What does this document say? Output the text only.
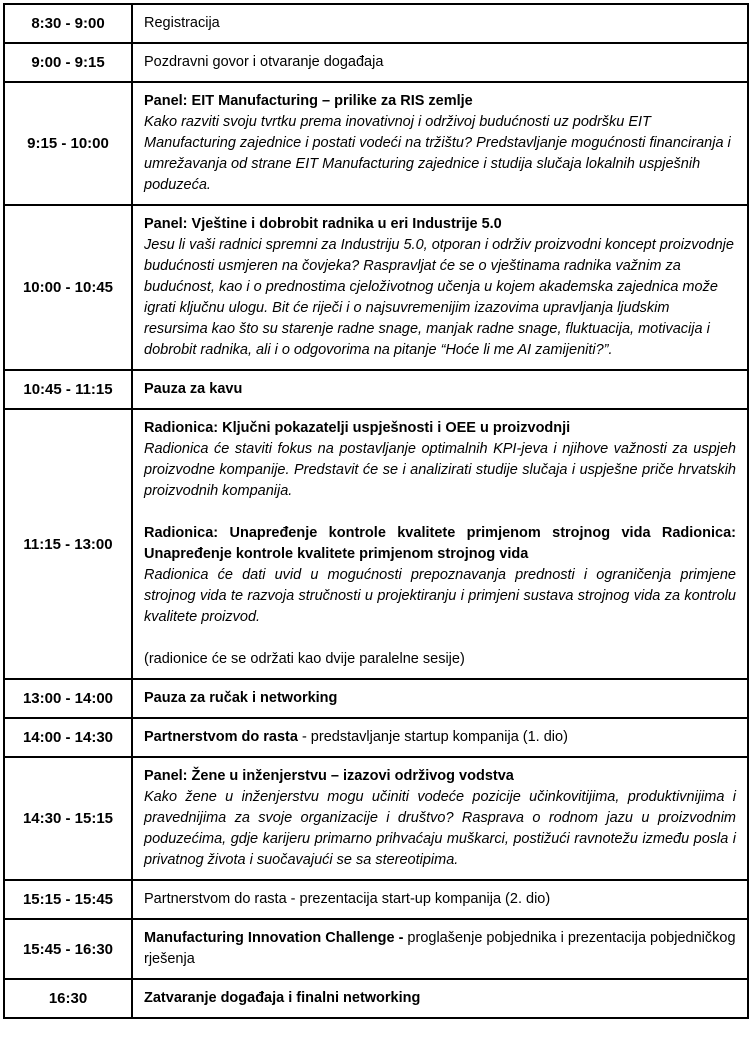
8:30 - 9:00	Registracija

9:00 - 9:15	Pozdravni govor i otvaranje događaja

9:15 - 10:00	Panel: EIT Manufacturing – prilike za RIS zemlje
Kako razviti svoju tvrtku prema inovativnoj i održivoj budućnosti uz podršku EIT Manufacturing zajednice i postati vodeći na tržištu? Predstavljanje mogućnosti financiranja i umrežavanja od strane EIT Manufacturing zajednice i studija slučaja lokalnih uspješnih poduzeća.

10:00 - 10:45	Panel: Vještine i dobrobit radnika u eri Industrije 5.0
Jesu li vaši radnici spremni za Industriju 5.0, otporan i održiv proizvodni koncept proizvodnje budućnosti usmjeren na čovjeka? Raspravljat će se o vještinama radnika važnim za budućnost, kao i o prednostima cjeloživotnog učenja u kojem akademska zajednica može igrati ključnu ulogu. Bit će riječi i o najsuvremenijim izazovima upravljanja ljudskim resursima kao što su starenje radne snage, manjak radne snage, fluktuacija, motivacija i dobrobit radnika, ali i o odgovorima na pitanje “Hoće li me AI zamijeniti?”.

10:45 - 11:15	Pauza za kavu

11:15 - 13:00	Radionica: Ključni pokazatelji uspješnosti i OEE u proizvodnji
Radionica će staviti fokus na postavljanje optimalnih KPI-jeva i njihove važnosti za uspjeh proizvodne kompanije. Predstavit će se i analizirati studije slučaja i uspješne priče hrvatskih proizvodnih kompanija.
Radionica: Unapređenje kontrole kvalitete primjenom strojnog vida Radionica: Unapređenje kontrole kvalitete primjenom strojnog vida
Radionica će dati uvid u mogućnosti prepoznavanja prednosti i ograničenja primjene strojnog vida te razvoja stručnosti u projektiranju i primjeni sustava strojnog vida za kontrolu kvalitete proizvod.
(radionice će se održati kao dvije paralelne sesije)

13:00 - 14:00	Pauza za ručak i networking

14:00 - 14:30	Partnerstvom do rasta - predstavljanje startup kompanija (1. dio)

14:30 - 15:15	Panel: Žene u inženjerstvu – izazovi održivog vodstva
Kako žene u inženjerstvu mogu učiniti vodeće pozicije učinkovitijima, produktivnijima i pravednijima za svoje organizacije i društvo? Rasprava o rodnom jazu u proizvodnim poduzećima, gdje karijeru primarno prihvaćaju muškarci, postižući ravnotežu između posla i privatnog života i suočavajući se sa stereotipima.

15:15 - 15:45	Partnerstvom do rasta - prezentacija start-up kompanija (2. dio)

15:45 - 16:30	Manufacturing Innovation Challenge - proglašenje pobjednika i prezentacija pobjedničkog rješenja

16:30	Zatvaranje događaja i finalni networking
